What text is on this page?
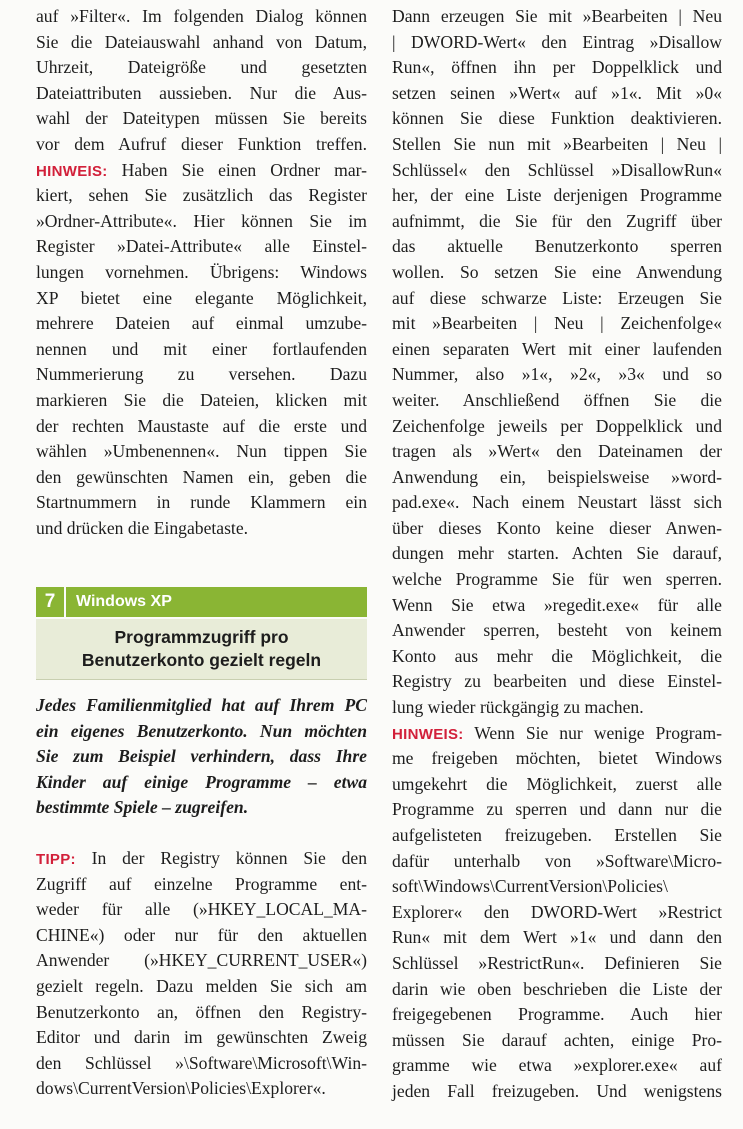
auf »Filter«. Im folgenden Dialog können
Sie die Dateiauswahl anhand von Datum,
Uhrzeit, Dateigröße und gesetzten
Dateiattributen aussieben. Nur die Aus-
wahl der Dateitypen müssen Sie bereits
vor dem Aufruf dieser Funktion treffen.
HINWEIS: Haben Sie einen Ordner mar-
kiert, sehen Sie zusätzlich das Register
»Ordner-Attribute«. Hier können Sie im
Register »Datei-Attribute« alle Einstel-
lungen vornehmen. Übrigens: Windows
XP bietet eine elegante Möglichkeit,
mehrere Dateien auf einmal umzube-
nennen und mit einer fortlaufenden
Nummerierung zu versehen. Dazu
markieren Sie die Dateien, klicken mit
der rechten Maustaste auf die erste und
wählen »Umbenennen«. Nun tippen Sie
den gewünschten Namen ein, geben die
Startnummern in runde Klammern ein
und drücken die Eingabetaste.
Jedes Familienmitglied hat auf Ihrem PC
ein eigenes Benutzerkonto. Nun möchten
Sie zum Beispiel verhindern, dass Ihre
Kinder auf einige Programme – etwa
bestimmte Spiele – zugreifen.
TIPP: In der Registry können Sie den
Zugriff auf einzelne Programme ent-
weder für alle (»HKEY_LOCAL_MA-
CHINE«) oder nur für den aktuellen
Anwender (»HKEY_CURRENT_USER«)
gezielt regeln. Dazu melden Sie sich am
Benutzerkonto an, öffnen den Registry-
Editor und darin im gewünschten Zweig
den Schlüssel »\Software\Microsoft\Win-
dows\CurrentVersion\Policies\Explorer«.
7	Windows XP
Programmzugriff pro
Benutzerkonto gezielt regeln
Dann erzeugen Sie mit »Bearbeiten | Neu
| DWORD-Wert« den Eintrag »Disallow
Run«, öffnen ihn per Doppelklick und
setzen seinen »Wert« auf »1«. Mit »0«
können Sie diese Funktion deaktivieren.
Stellen Sie nun mit »Bearbeiten | Neu |
Schlüssel« den Schlüssel »DisallowRun«
her, der eine Liste derjenigen Programme
aufnimmt, die Sie für den Zugriff über
das aktuelle Benutzerkonto sperren
wollen. So setzen Sie eine Anwendung
auf diese schwarze Liste: Erzeugen Sie
mit »Bearbeiten | Neu | Zeichenfolge«
einen separaten Wert mit einer laufenden
Nummer, also »1«, »2«, »3« und so
weiter. Anschließend öffnen Sie die
Zeichenfolge jeweils per Doppelklick und
tragen als »Wert« den Dateinamen der
Anwendung ein, beispielsweise »word-
pad.exe«. Nach einem Neustart lässt sich
über dieses Konto keine dieser Anwen-
dungen mehr starten. Achten Sie darauf,
welche Programme Sie für wen sperren.
Wenn Sie etwa »regedit.exe« für alle
Anwender sperren, besteht von keinem
Konto aus mehr die Möglichkeit, die
Registry zu bearbeiten und diese Einstel-
lung wieder rückgängig zu machen.
HINWEIS: Wenn Sie nur wenige Program-
me freigeben möchten, bietet Windows
umgekehrt die Möglichkeit, zuerst alle
Programme zu sperren und dann nur die
aufgelisteten freizugeben. Erstellen Sie
dafür unterhalb von »Software\Micro-
soft\Windows\CurrentVersion\Policies\
Explorer« den DWORD-Wert »Restrict
Run« mit dem Wert »1« und dann den
Schlüssel »RestrictRun«. Definieren Sie
darin wie oben beschrieben die Liste der
freigegebenen Programme. Auch hier
müssen Sie darauf achten, einige Pro-
gramme wie etwa »explorer.exe« auf
jeden Fall freizugeben. Und wenigstens
